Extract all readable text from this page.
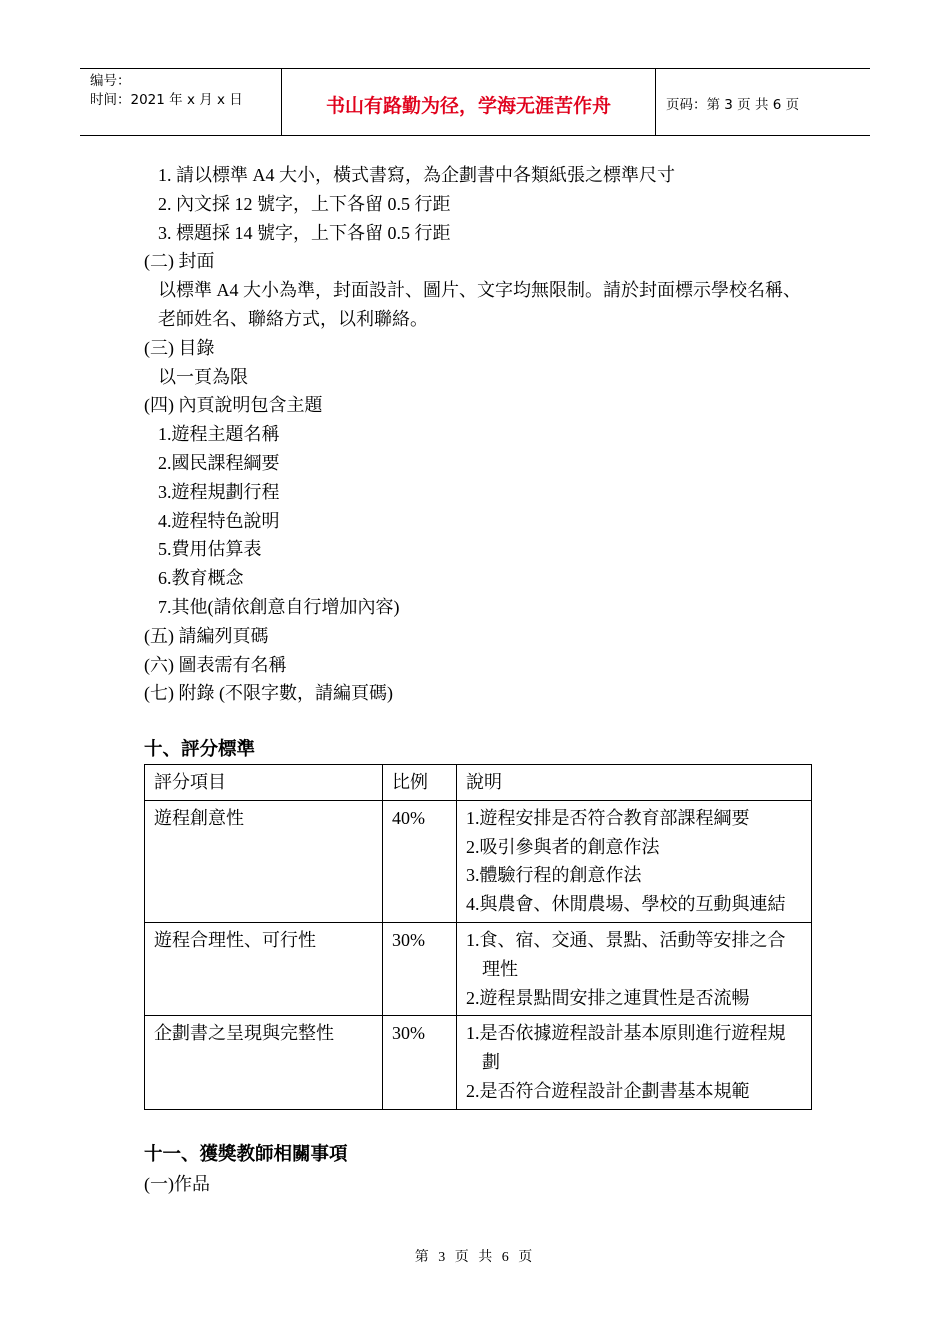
编号：
时间：2021 年 x 月 x 日	书山有路勤为径，学海无涯苦作舟	页码：第 3 页 共 6 页
1. 請以標準 A4 大小，橫式書寫，為企劃書中各類紙張之標準尺寸
2. 內文採 12 號字，上下各留 0.5 行距
3. 標題採 14 號字，上下各留 0.5 行距
(二) 封面
以標準 A4 大小為準，封面設計、圖片、文字均無限制。請於封面標示學校名稱、老師姓名、聯絡方式，以利聯絡。
(三) 目錄
以一頁為限
(四) 內頁說明包含主題
1.遊程主題名稱
2.國民課程綱要
3.遊程規劃行程
4.遊程特色說明
5.費用估算表
6.教育概念
7.其他(請依創意自行增加內容)
(五) 請編列頁碼
(六) 圖表需有名稱
(七) 附錄 (不限字數，請編頁碼)
十、評分標準
評分項目	比例	說明
遊程創意性	40%	1.遊程安排是否符合教育部課程綱要
2.吸引參與者的創意作法
3.體驗行程的創意作法
4.與農會、休閒農場、學校的互動與連結

遊程合理性、可行性	30%	1.食、宿、交通、景點、活動等安排之合理性
2.遊程景點間安排之連貫性是否流暢

企劃書之呈現與完整性	30%	1.是否依據遊程設計基本原則進行遊程規劃
2.是否符合遊程設計企劃書基本規範
十一、獲獎教師相關事項
(一)作品
第 3 页 共 6 页
